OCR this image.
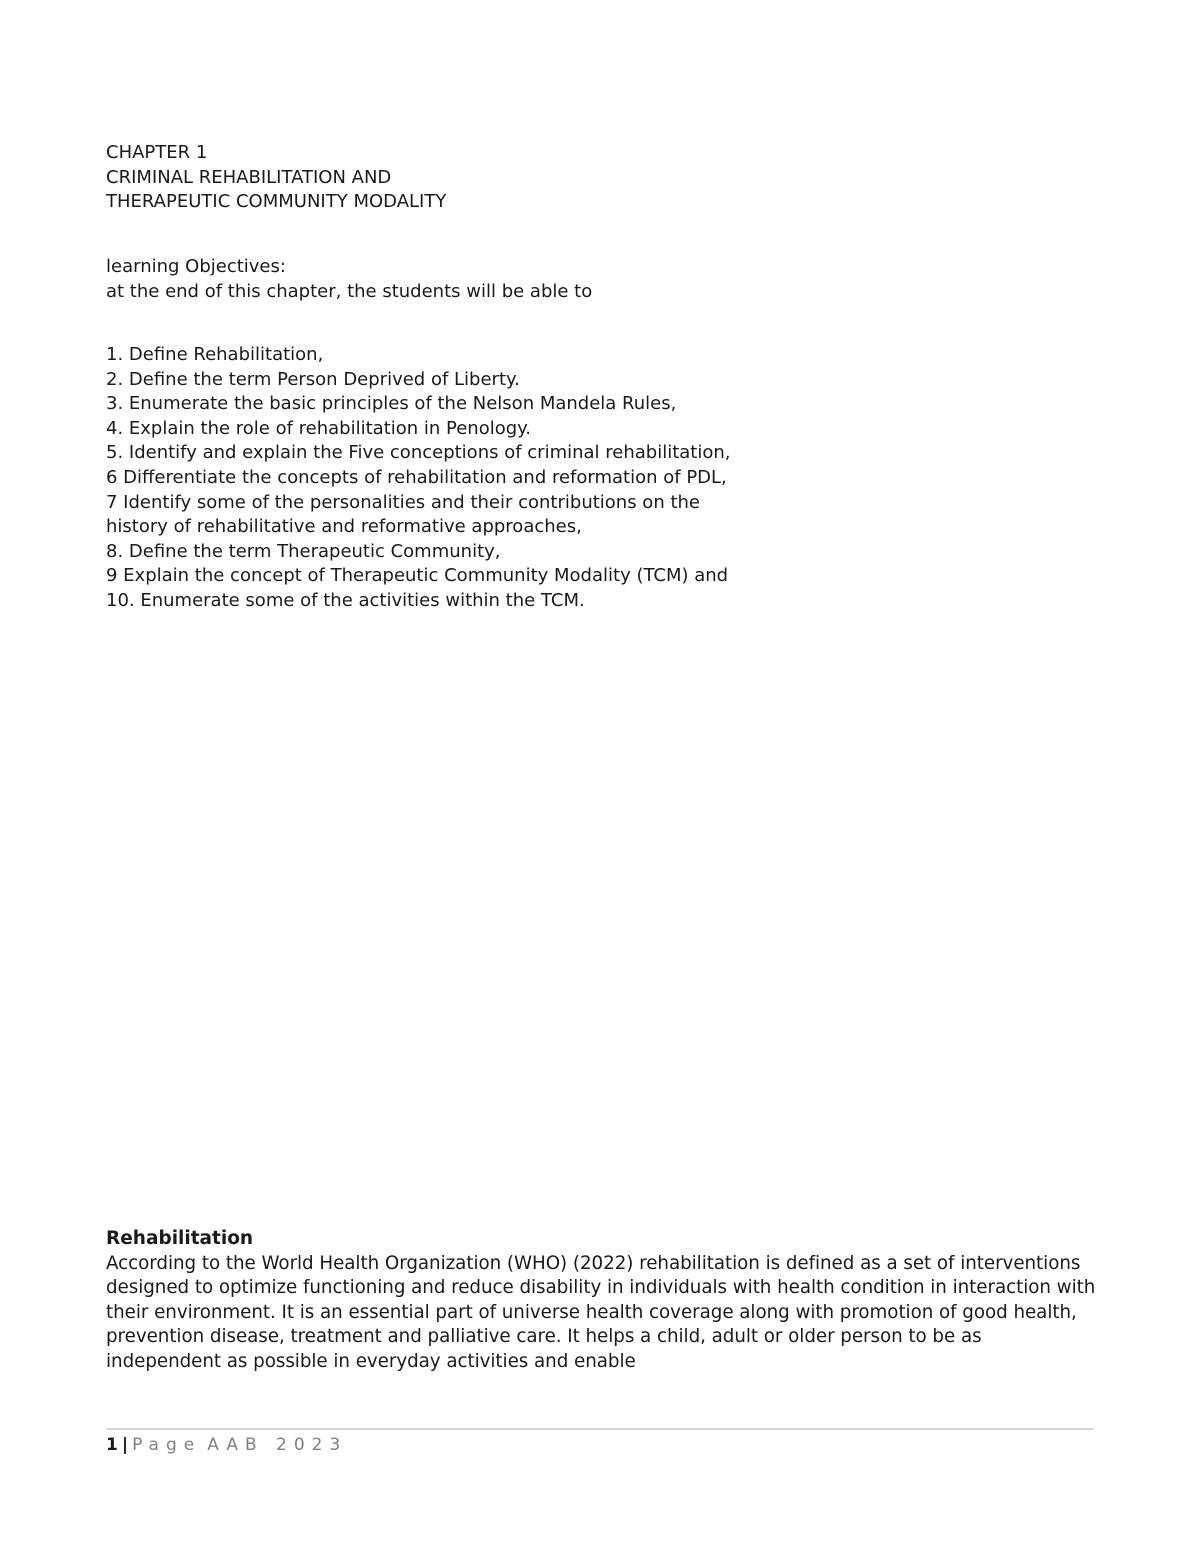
CHAPTER 1
CRIMINAL REHABILITATION AND
THERAPEUTIC COMMUNITY MODALITY
learning Objectives:
at the end of this chapter, the students will be able to
1. Define Rehabilitation,
2. Define the term Person Deprived of Liberty.
3. Enumerate the basic principles of the Nelson Mandela Rules,
4. Explain the role of rehabilitation in Penology.
5. Identify and explain the Five conceptions of criminal rehabilitation,
6 Differentiate the concepts of rehabilitation and reformation of PDL,
7 Identify some of the personalities and their contributions on the history of rehabilitative and reformative approaches,
8. Define the term Therapeutic Community,
9 Explain the concept of Therapeutic Community Modality (TCM) and
10. Enumerate some of the activities within the TCM.

Rehabilitation

According to the World Health Organization (WHO) (2022) rehabilitation is defined as a set of interventions designed to optimize functioning and reduce disability in individuals with health condition in interaction with their environment. It is an essential part of universe health coverage along with promotion of good health, prevention disease, treatment and palliative care. It helps a child, adult or older person to be as independent as possible in everyday activities and enable

1 | Page AAB 2023
